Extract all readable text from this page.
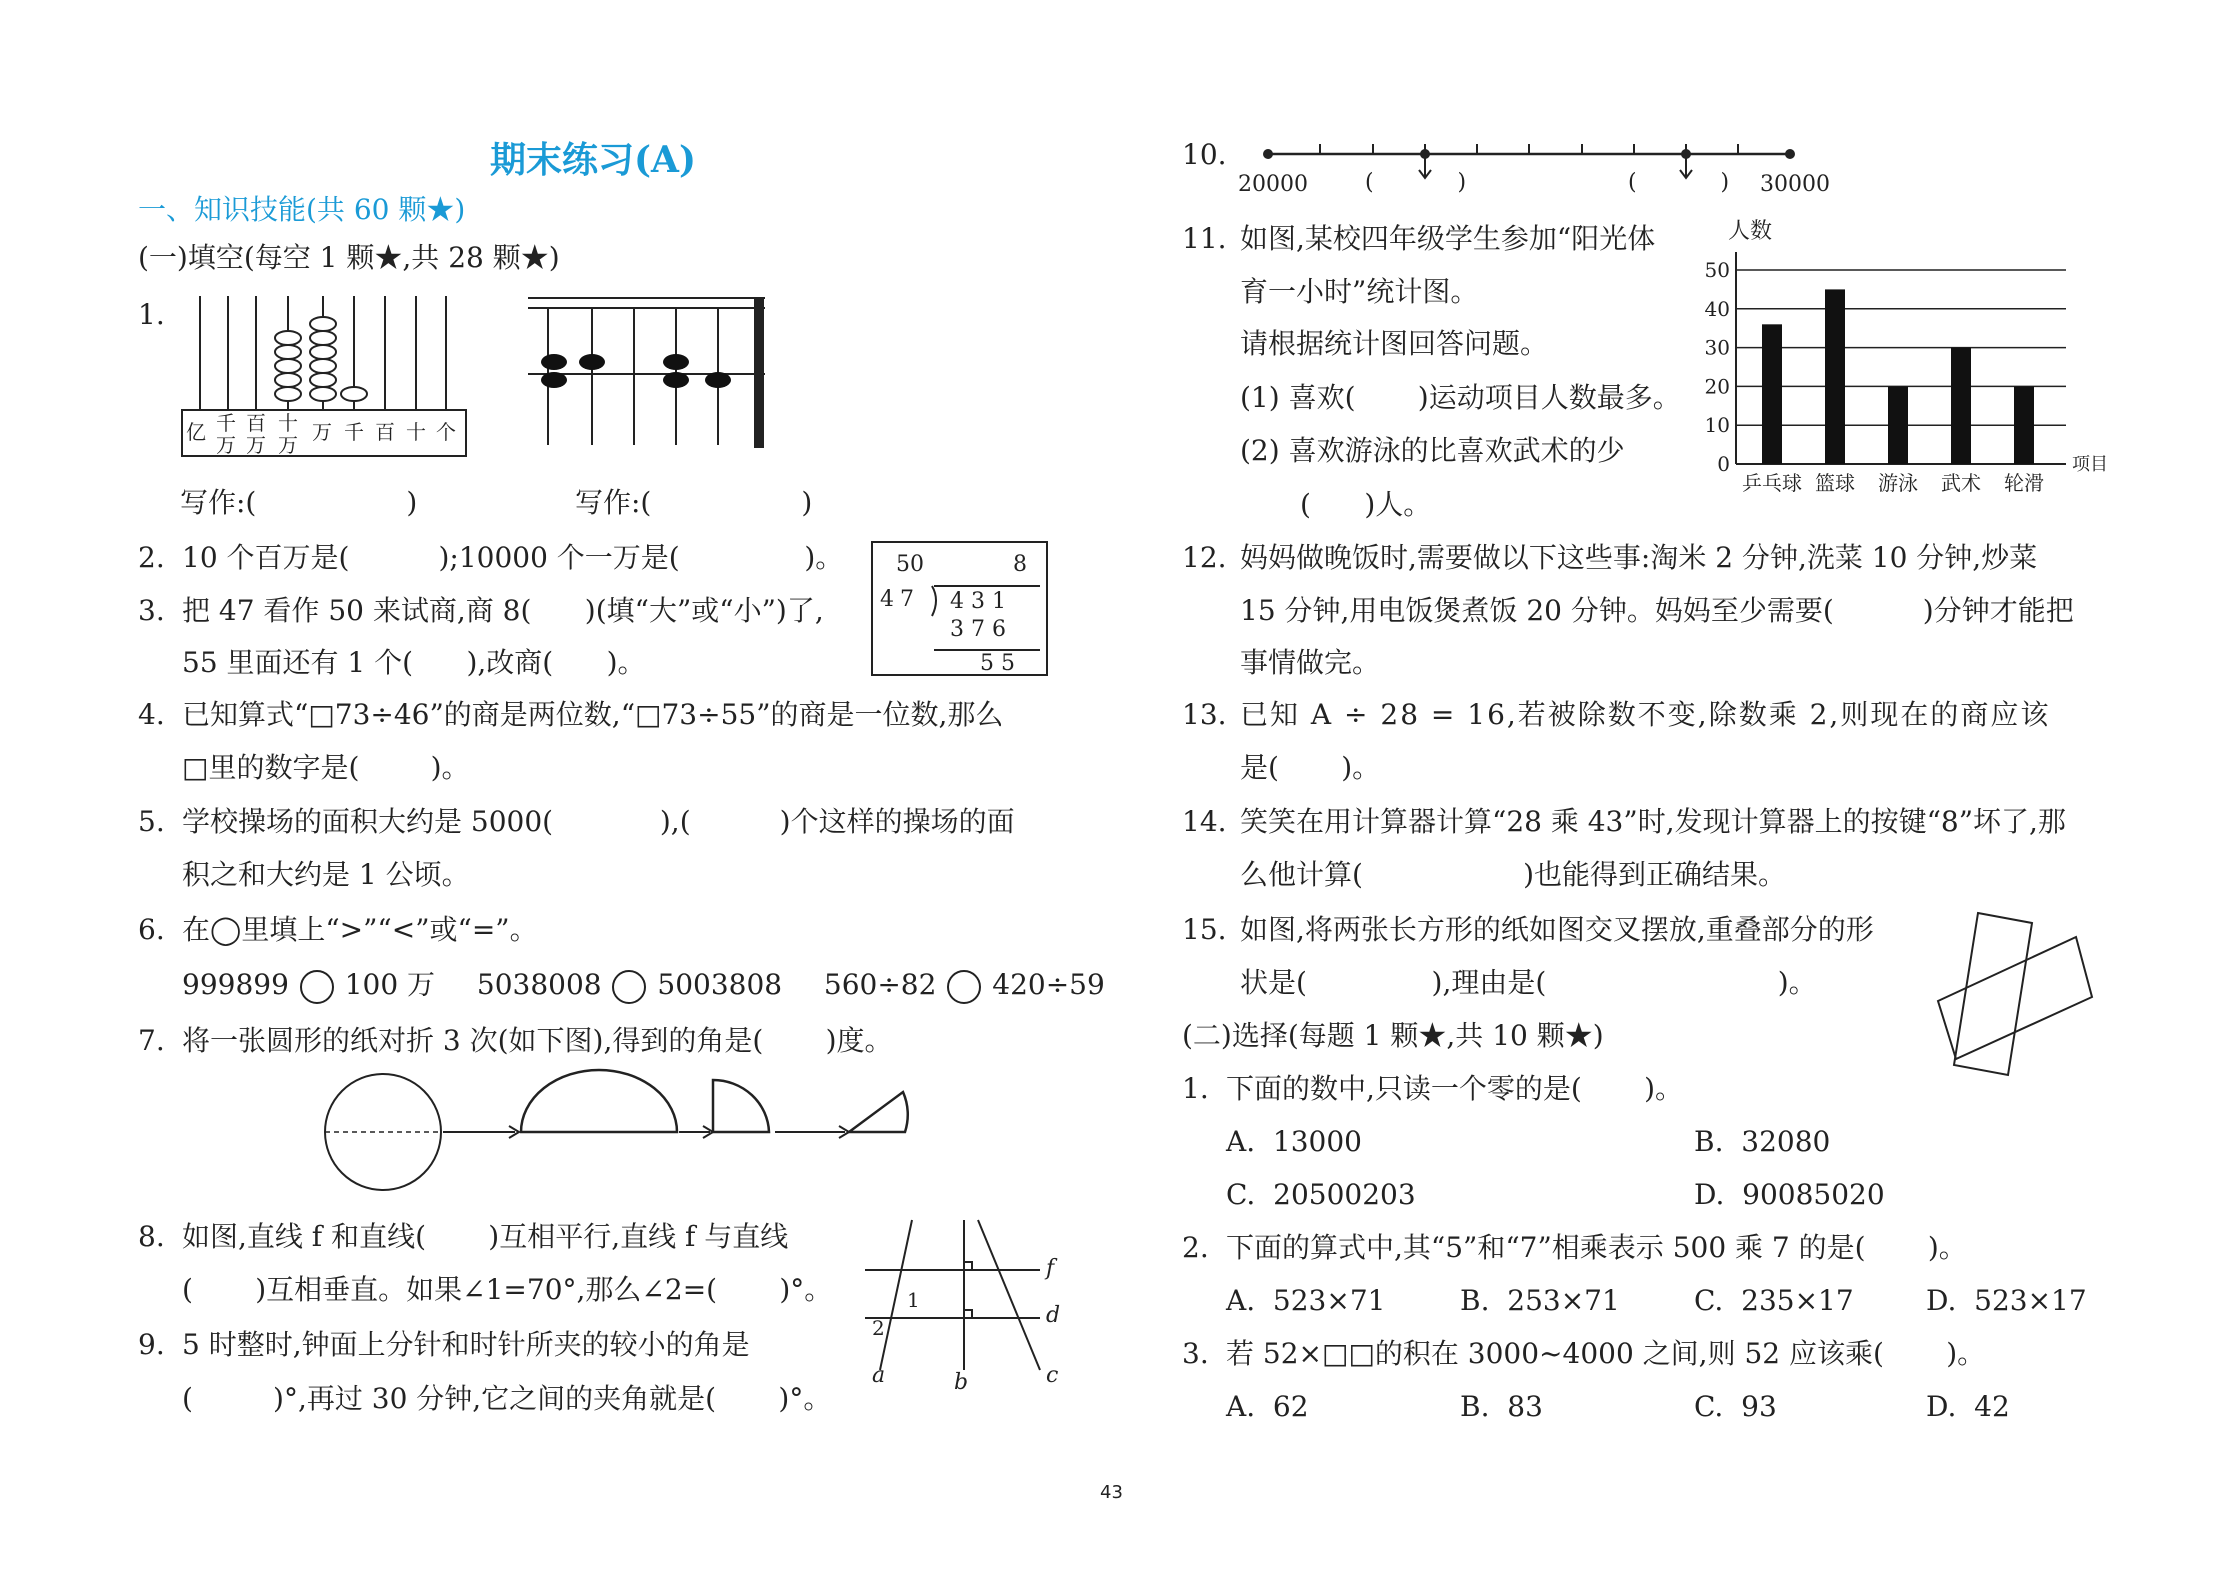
期末练习(A)
一、知识技能(共 60 颗★)
(一)填空(每空 1 颗★,共 28 颗★)
1.
亿 千
万
百
万
十
万
万 千 百 十 个
写作:(	)	写作:(	)
2. 10 个百万是(          );10000 个一万是(              )。
3. 把 47 看作 50 来试商,商 8(      )(填“大”或“小”)了,
55 里面还有 1 个(      ),改商(      )。
50	8
47 4 3 1
3 7 6
5 5
4. 已知算式“□73÷46”的商是两位数,“□73÷55”的商是一位数,那么
□里的数字是(        )。
5. 学校操场的面积大约是 5000(            ),(          )个这样的操场的面
积之和大约是 1 公顷。
6. 在◯里填上“>”“<”或“=”。
999899 100 万 5038008 5003808 560÷82 420÷59
7. 将一张圆形的纸对折 3 次(如下图),得到的角是(       )度。
8. 如图,直线 f 和直线(       )互相平行,直线 f 与直线
(       )互相垂直。如果∠1=70°,那么∠2=(       )°。
f
d
a	b	c
1
2
9. 5 时整时,钟面上分针和时针所夹的较小的角是
(         )°,再过 30 分钟,它之间的夹角就是(       )°。
10.
20000	(            )	(            ) 30000
11. 如图,某校四年级学生参加“阳光体
育一小时”统计图。
请根据统计图回答问题。
(1) 喜欢(       )运动项目人数最多。
(2) 喜欢游泳的比喜欢武术的少
(      )人。
0
10
20
30
40
50
人数
项目
乒乓球 篮球 游泳 武术 轮滑
12. 妈妈做晚饭时,需要做以下这些事:淘米 2 分钟,洗菜 10 分钟,炒菜
15 分钟,用电饭煲煮饭 20 分钟。妈妈至少需要(          )分钟才能把
事情做完。
13. 已知 A ÷ 28 = 16,若被除数不变,除数乘 2,则现在的商应该
是(       )。
14. 笑笑在用计算器计算“28 乘 43”时,发现计算器上的按键“8”坏了,那
么他计算(                  )也能得到正确结果。
15. 如图,将两张长方形的纸如图交叉摆放,重叠部分的形
状是(              ),理由是(                          )。
(二)选择(每题 1 颗★,共 10 颗★)
1. 下面的数中,只读一个零的是(       )。
A.  13000	B.  32080
C.  20500203	D.  90085020
2. 下面的算式中,其“5”和“7”相乘表示 500 乘 7 的是(       )。
A.  523×71	B.  253×71	C.  235×17	D.  523×17
3. 若 52×□□的积在 3000~4000 之间,则 52 应该乘(       )。
A.  62	B.  83	C.  93	D.  42
43
